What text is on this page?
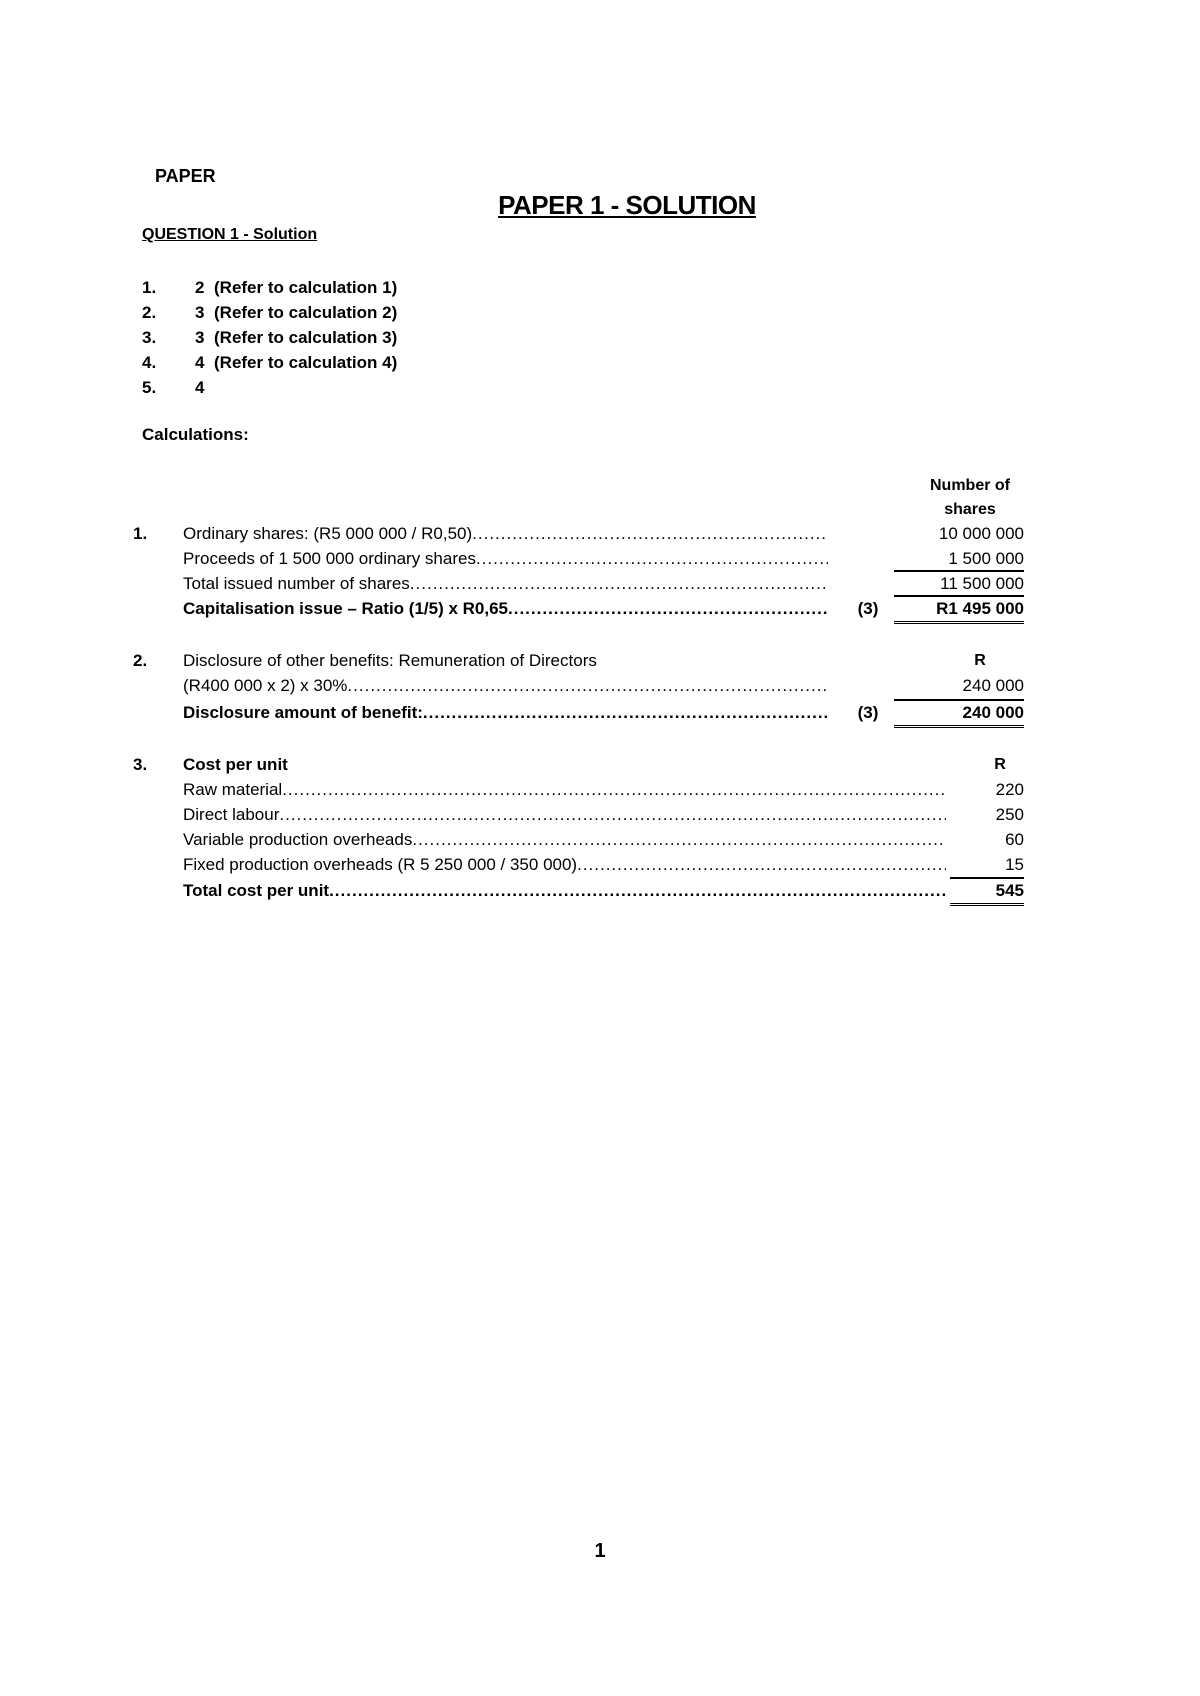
PAPER
PAPER 1 - SOLUTION
QUESTION 1 - Solution
1.	2 (Refer to calculation 1)
2.	3 (Refer to calculation 2)
3.	3 (Refer to calculation 3)
4.	4 (Refer to calculation 4)
5.	4
Calculations:
Number of
shares
1. Ordinary shares: (R5 000 000 / R0,50) .....	10 000 000
Proceeds of 1 500 000 ordinary shares .....	1 500 000
Total issued number of shares .....	11 500 000
Capitalisation issue – Ratio (1/5) x R0,65 .....	(3)	R1 495 000
2. Disclosure of other benefits: Remuneration of Directors	R
(R400 000 x 2) x 30% .....	240 000
Disclosure amount of benefit: .....	(3)	240 000
3. Cost per unit	R
Raw material .....	220
Direct labour .....	250
Variable production overheads .....	60
Fixed production overheads (R 5 250 000 / 350 000) .....	15
Total cost per unit .....	545
1
